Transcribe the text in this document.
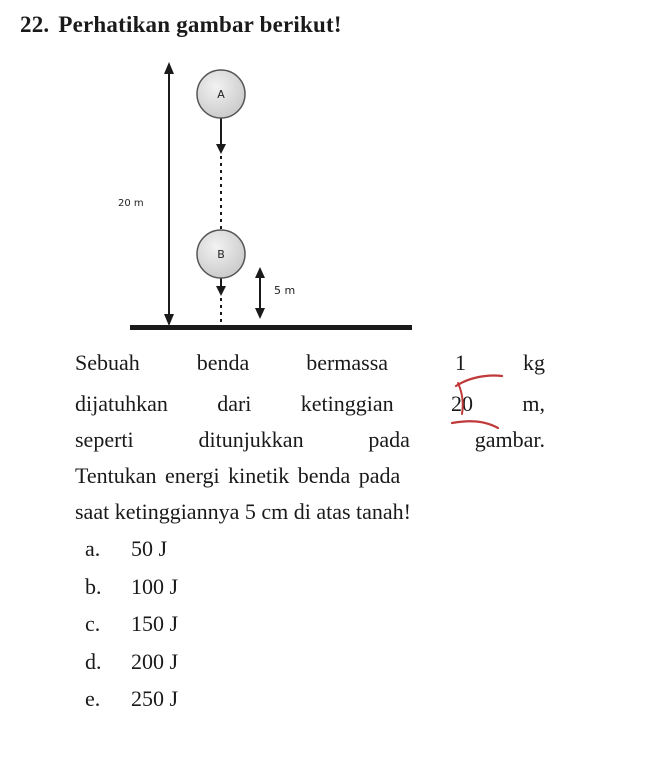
22. Perhatikan gambar berikut!
20 m
A
B
5 m
Sebuah	benda	bermassa	1	kg
dijatuhkan dari ketinggian	20 m,
seperti	ditunjukkan	pada	gambar.
Tentukan energi kinetik benda pada
saat ketinggiannya 5 cm di atas tanah!
a. 50 J
b. 100 J
c. 150 J
d. 200 J
e. 250 J
